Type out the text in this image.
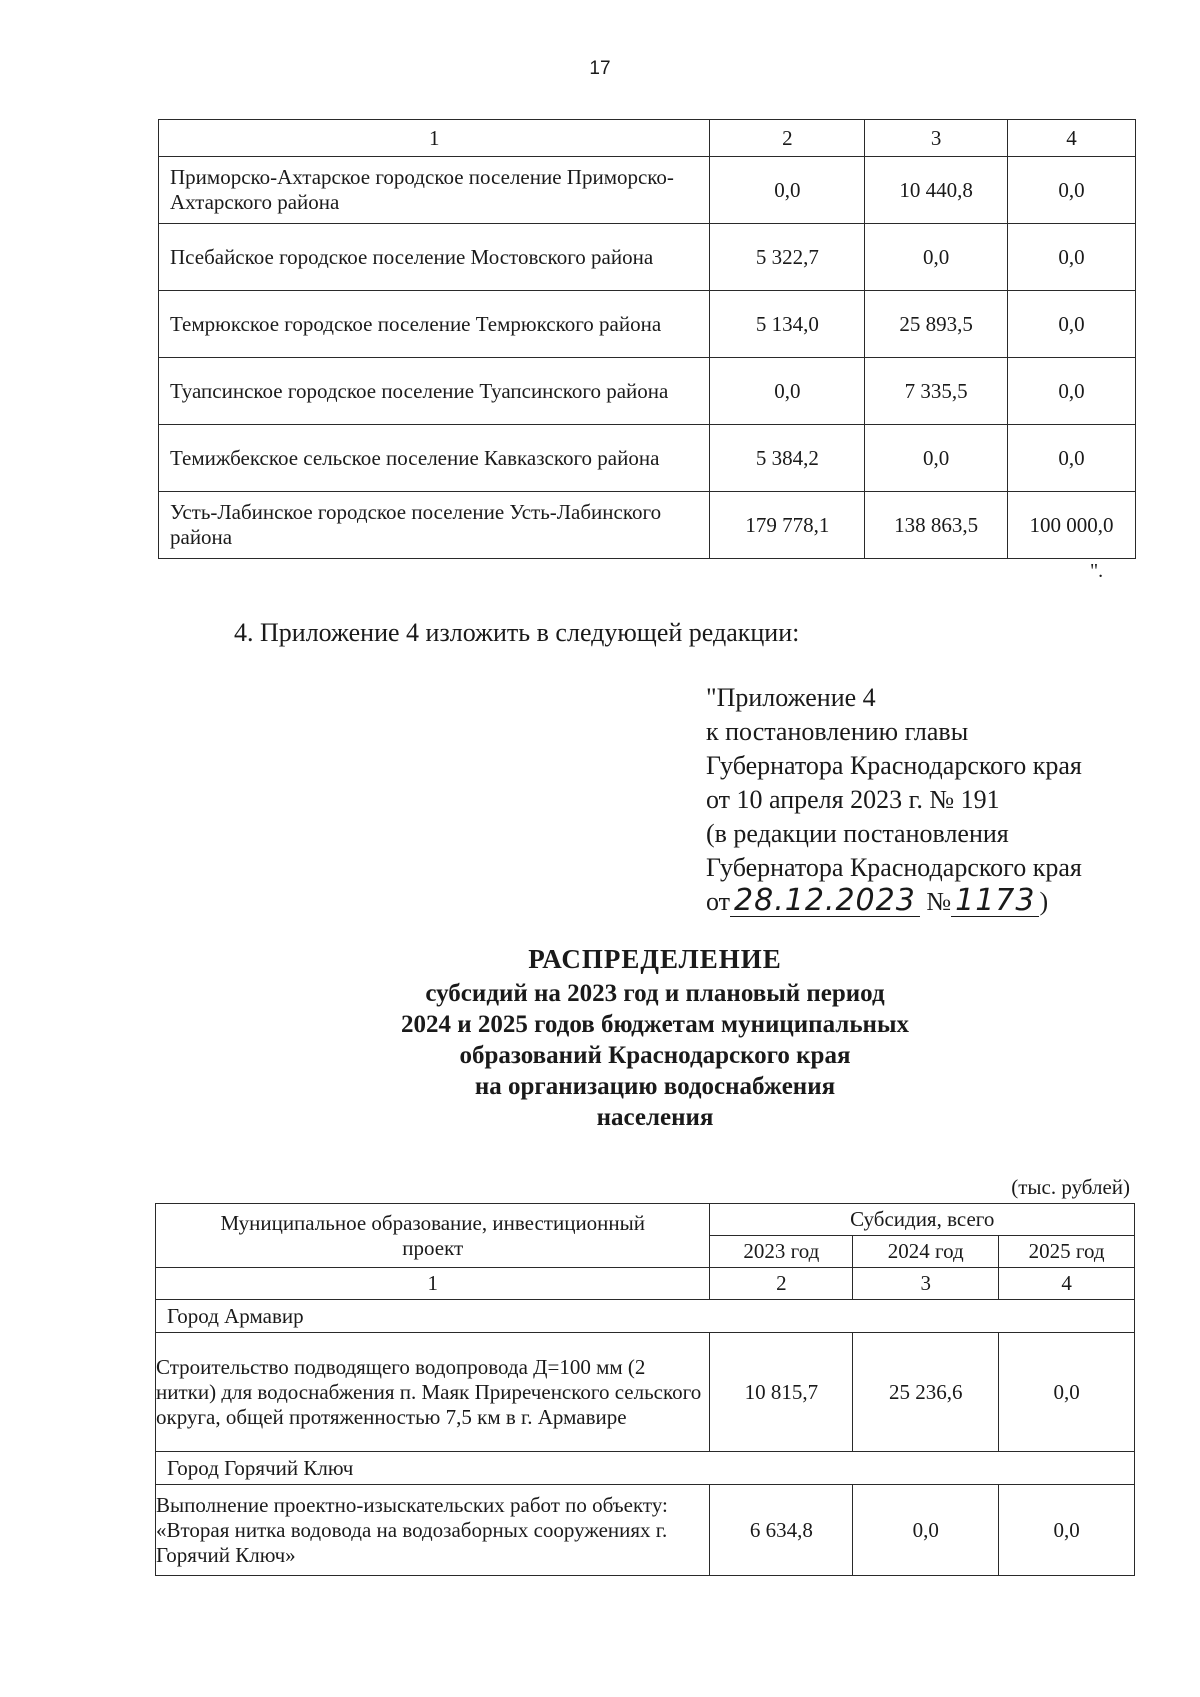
17
1	2	3	4
Приморско-Ахтарское городское поселение Приморско-Ахтарского района	0,0	10 440,8	0,0
Псебайское городское поселение Мостовского района	5 322,7	0,0	0,0
Темрюкское городское поселение Темрюкского района	5 134,0	25 893,5	0,0
Туапсинское городское поселение Туапсинского района	0,0	7 335,5	0,0
Темижбекское сельское поселение Кавказского района	5 384,2	0,0	0,0
Усть-Лабинское городское поселение Усть-Лабинского района	179 778,1	138 863,5	100 000,0
".
4. Приложение 4 изложить в следующей редакции:
"Приложение 4
к постановлению главы
Губернатора Краснодарского края
от 10 апреля 2023 г. № 191
(в редакции постановления
Губернатора Краснодарского края
от 28.12.2023 № 1173 )
РАСПРЕДЕЛЕНИЕ
субсидий на 2023 год и плановый период
2024 и 2025 годов бюджетам муниципальных
образований Краснодарского края
на организацию водоснабжения
населения
(тыс. рублей)
Муниципальное образование, инвестиционный проект	Субсидия, всего		
	2023 год	2024 год	2025 год
1	2	3	4
Город Армавир			
Строительство подводящего водопровода Д=100 мм (2 нитки) для водоснабжения п. Маяк Приреченского сельского округа, общей протяженностью 7,5 км в г. Армавире	10 815,7	25 236,6	0,0
Город Горячий Ключ			
Выполнение проектно-изыскательских работ по объекту: «Вторая нитка водовода на водозаборных сооружениях г. Горячий Ключ»	6 634,8	0,0	0,0
